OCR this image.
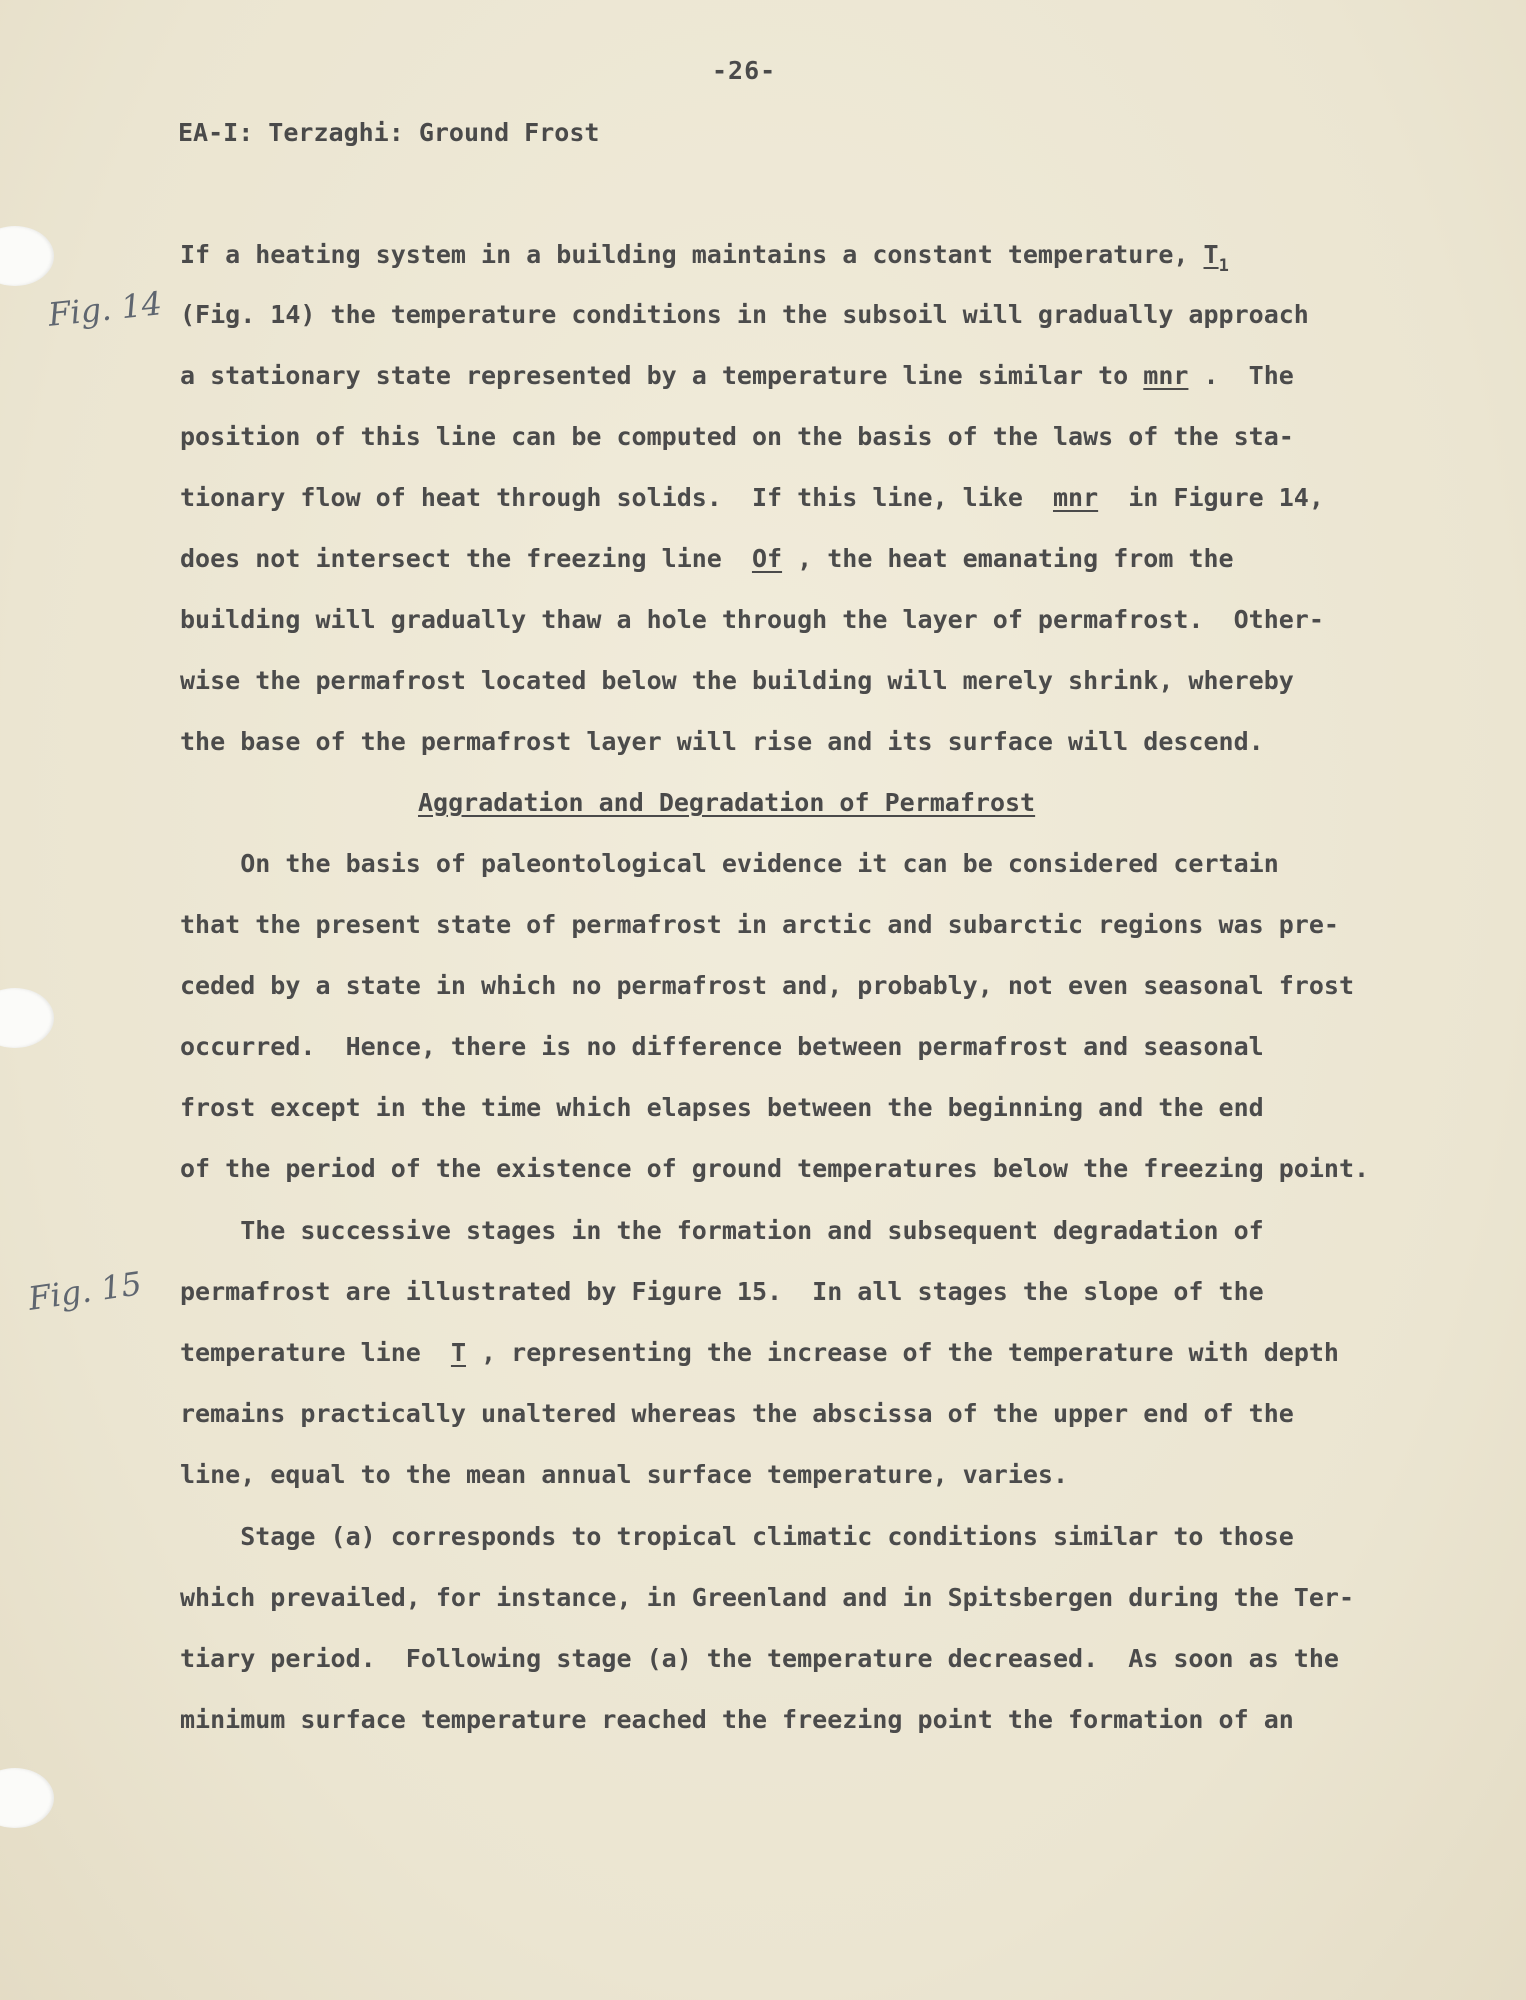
-26-
EA-I: Terzaghi: Ground Frost
Fig. 14
Fig. 15
If a heating system in a building maintains a constant temperature, $T_1$
(Fig. 14) the temperature conditions in the subsoil will gradually approach
a stationary state represented by a temperature line similar to mnr .  The
position of this line can be computed on the basis of the laws of the sta-
tionary flow of heat through solids.  If this line, like  mnr  in Figure 14,
does not intersect the freezing line  Of , the heat emanating from the
building will gradually thaw a hole through the layer of permafrost.  Other-
wise the permafrost located below the building will merely shrink, whereby
the base of the permafrost layer will rise and its surface will descend.
Aggradation and Degradation of Permafrost
On the basis of paleontological evidence it can be considered certain
that the present state of permafrost in arctic and subarctic regions was pre-
ceded by a state in which no permafrost and, probably, not even seasonal frost
occurred.  Hence, there is no difference between permafrost and seasonal
frost except in the time which elapses between the beginning and the end
of the period of the existence of ground temperatures below the freezing point.
The successive stages in the formation and subsequent degradation of
permafrost are illustrated by Figure 15.  In all stages the slope of the
temperature line  T , representing the increase of the temperature with depth
remains practically unaltered whereas the abscissa of the upper end of the
line, equal to the mean annual surface temperature, varies.
Stage (a) corresponds to tropical climatic conditions similar to those
which prevailed, for instance, in Greenland and in Spitsbergen during the Ter-
tiary period.  Following stage (a) the temperature decreased.  As soon as the
minimum surface temperature reached the freezing point the formation of an
